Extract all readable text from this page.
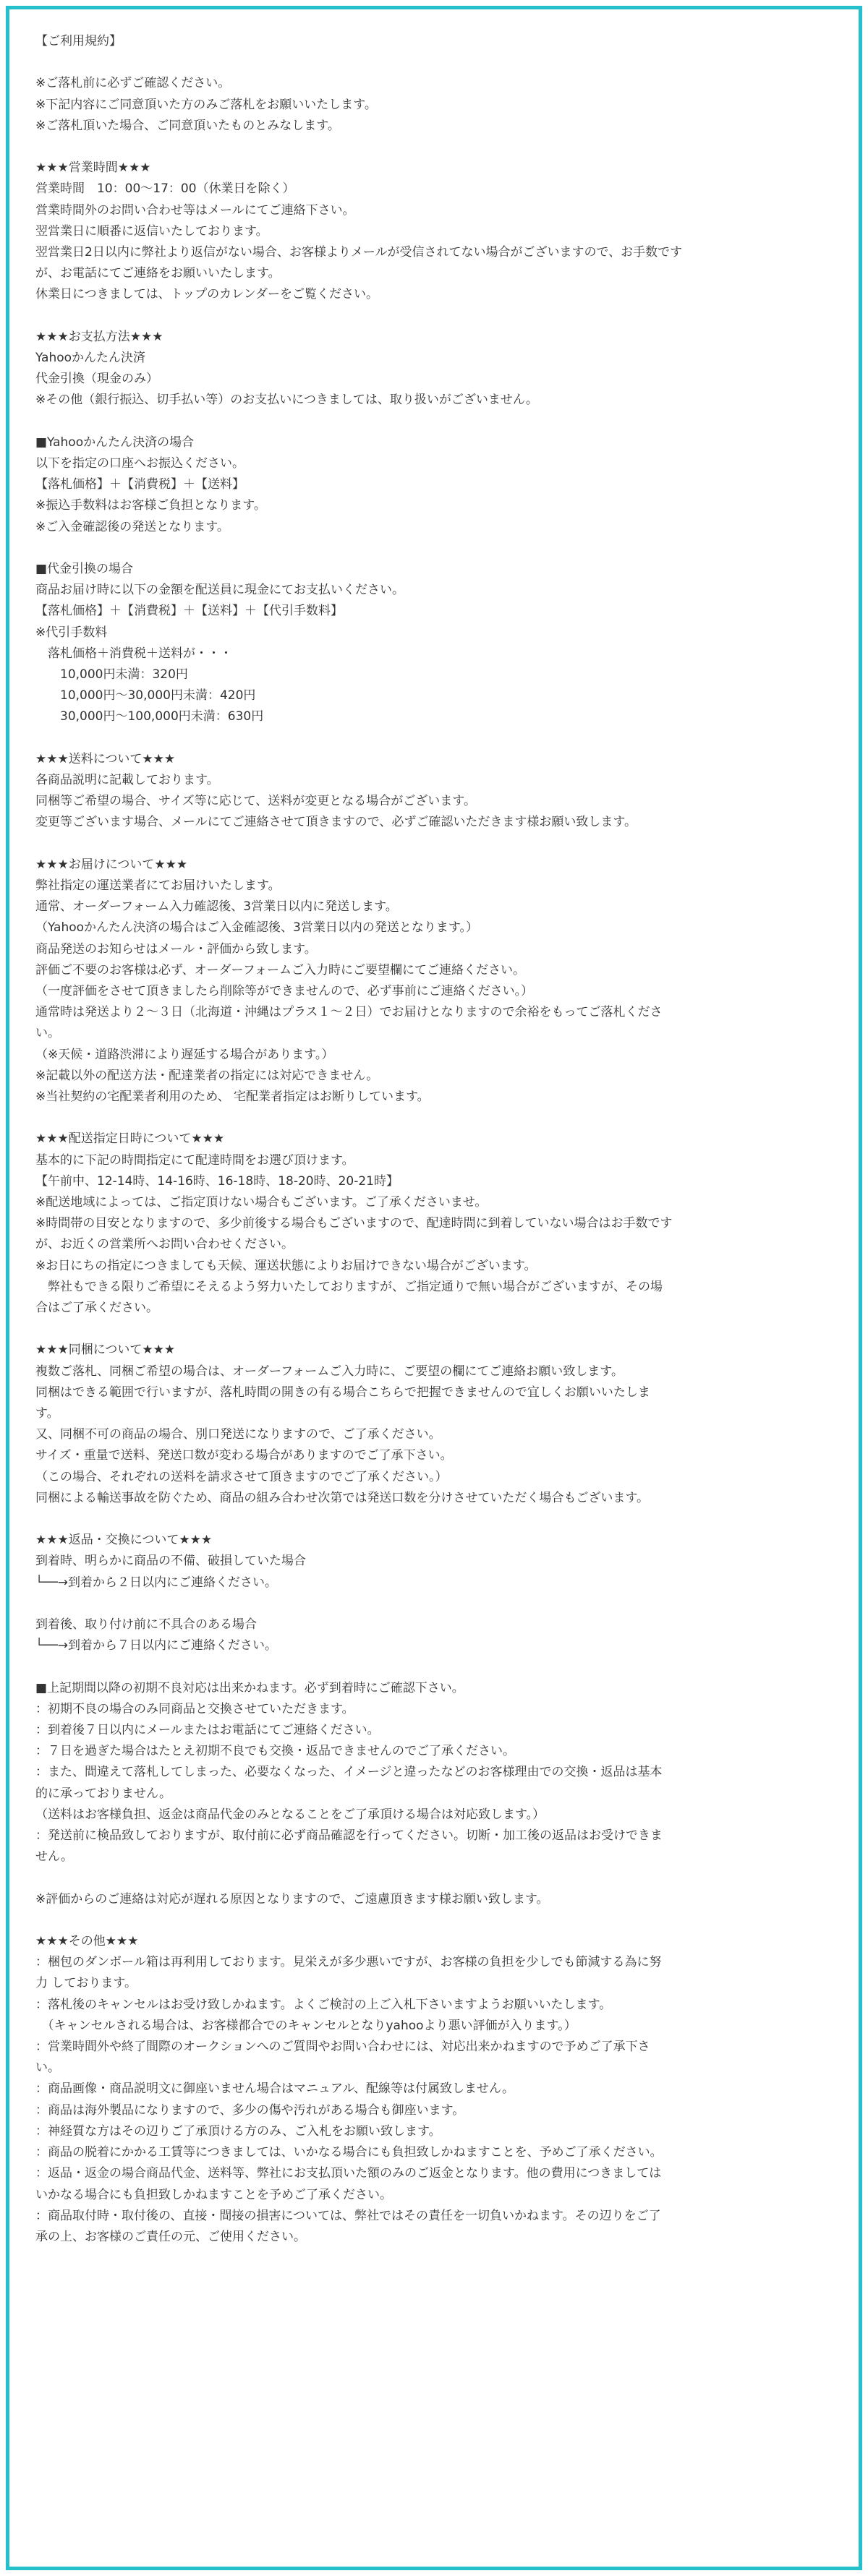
【ご利用規約】
※ご落札前に必ずご確認ください。
※下記内容にご同意頂いた方のみご落札をお願いいたします。
※ご落札頂いた場合、ご同意頂いたものとみなします。
★★★営業時間★★★
営業時間　10：00～17：00（休業日を除く）
営業時間外のお問い合わせ等はメールにてご連絡下さい。
翌営業日に順番に返信いたしております。
翌営業日2日以内に弊社より返信がない場合、お客様よりメールが受信されてない場合がございますので、お手数です
が、お電話にてご連絡をお願いいたします。
休業日につきましては、トップのカレンダーをご覧ください。
★★★お支払方法★★★
Yahooかんたん決済
代金引換（現金のみ）
※その他（銀行振込、切手払い等）のお支払いにつきましては、取り扱いがございません。
■Yahooかんたん決済の場合
以下を指定の口座へお振込ください。
【落札価格】＋【消費税】＋【送料】
※振込手数料はお客様ご負担となります。
※ご入金確認後の発送となります。
■代金引換の場合
商品お届け時に以下の金額を配送員に現金にてお支払いください。
【落札価格】＋【消費税】＋【送料】＋【代引手数料】
※代引手数料
　落札価格＋消費税＋送料が・・・
　　10,000円未満：320円
　　10,000円～30,000円未満：420円
　　30,000円～100,000円未満：630円
★★★送料について★★★
各商品説明に記載しております。
同梱等ご希望の場合、サイズ等に応じて、送料が変更となる場合がございます。
変更等ございます場合、メールにてご連絡させて頂きますので、必ずご確認いただきます様お願い致します。
★★★お届けについて★★★
弊社指定の運送業者にてお届けいたします。
通常、オーダーフォーム入力確認後、3営業日以内に発送します。
（Yahooかんたん決済の場合はご入金確認後、3営業日以内の発送となります。）
商品発送のお知らせはメール・評価から致します。
評価ご不要のお客様は必ず、オーダーフォームご入力時にご要望欄にてご連絡ください。
（一度評価をさせて頂きましたら削除等ができませんので、必ず事前にご連絡ください。）
通常時は発送より２～３日（北海道・沖縄はプラス１～２日）でお届けとなりますので余裕をもってご落札くださ
い。
（※天候・道路渋滞により遅延する場合があります。）
※記載以外の配送方法・配達業者の指定には対応できません。
※当社契約の宅配業者利用のため、 宅配業者指定はお断りしています。
★★★配送指定日時について★★★
基本的に下記の時間指定にて配達時間をお選び頂けます。
【午前中、12-14時、14-16時、16-18時、18-20時、20-21時】
※配送地域によっては、ご指定頂けない場合もございます。ご了承くださいませ。
※時間帯の目安となりますので、多少前後する場合もございますので、配達時間に到着していない場合はお手数です
が、お近くの営業所へお問い合わせください。
※お日にちの指定につきましても天候、運送状態によりお届けできない場合がございます。
　弊社もできる限りご希望にそえるよう努力いたしておりますが、ご指定通りで無い場合がございますが、その場
合はご了承ください。
★★★同梱について★★★
複数ご落札、同梱ご希望の場合は、オーダーフォームご入力時に、ご要望の欄にてご連絡お願い致します。
同梱はできる範囲で行いますが、落札時間の開きの有る場合こちらで把握できませんので宜しくお願いいたしま
す。
又、同梱不可の商品の場合、別口発送になりますので、ご了承ください。
サイズ・重量で送料、発送口数が変わる場合がありますのでご了承下さい。
（この場合、それぞれの送料を請求させて頂きますのでご了承ください。）
同梱による輸送事故を防ぐため、商品の組み合わせ次第では発送口数を分けさせていただく場合もございます。
★★★返品・交換について★★★
到着時、明らかに商品の不備、破損していた場合
└──→到着から２日以内にご連絡ください。
到着後、取り付け前に不具合のある場合
└──→到着から７日以内にご連絡ください。
■上記期間以降の初期不良対応は出来かねます。必ず到着時にご確認下さい。
：初期不良の場合のみ同商品と交換させていただきます。
：到着後７日以内にメールまたはお電話にてご連絡ください。
：７日を過ぎた場合はたとえ初期不良でも交換・返品できませんのでご了承ください。
：また、間違えて落札してしまった、必要なくなった、イメージと違ったなどのお客様理由での交換・返品は基本
的に承っておりません。
（送料はお客様負担、返金は商品代金のみとなることをご了承頂ける場合は対応致します。）
：発送前に検品致しておりますが、取付前に必ず商品確認を行ってください。切断・加工後の返品はお受けできま
せん。
※評価からのご連絡は対応が遅れる原因となりますので、ご遠慮頂きます様お願い致します。
★★★その他★★★
：梱包のダンボール箱は再利用しております。見栄えが多少悪いですが、お客様の負担を少しでも節減する為に努
力 しております。
：落札後のキャンセルはお受け致しかねます。よくご検討の上ご入札下さいますようお願いいたします。
　（キャンセルされる場合は、お客様都合でのキャンセルとなりyahooより悪い評価が入ります。）
：営業時間外や終了間際のオークションへのご質問やお問い合わせには、対応出来かねますので予めご了承下さ
い。
：商品画像・商品説明文に御座いません場合はマニュアル、配線等は付属致しません。
：商品は海外製品になりますので、多少の傷や汚れがある場合も御座います。
：神経質な方はその辺りご了承頂ける方のみ、ご入札をお願い致します。
：商品の脱着にかかる工賃等につきましては、いかなる場合にも負担致しかねますことを、予めご了承ください。
：返品・返金の場合商品代金、送料等、弊社にお支払頂いた額のみのご返金となります。他の費用につきましては
いかなる場合にも負担致しかねますことを予めご了承ください。
：商品取付時・取付後の、直接・間接の損害については、弊社ではその責任を一切負いかねます。その辺りをご了
承の上、お客様のご責任の元、ご使用ください。
